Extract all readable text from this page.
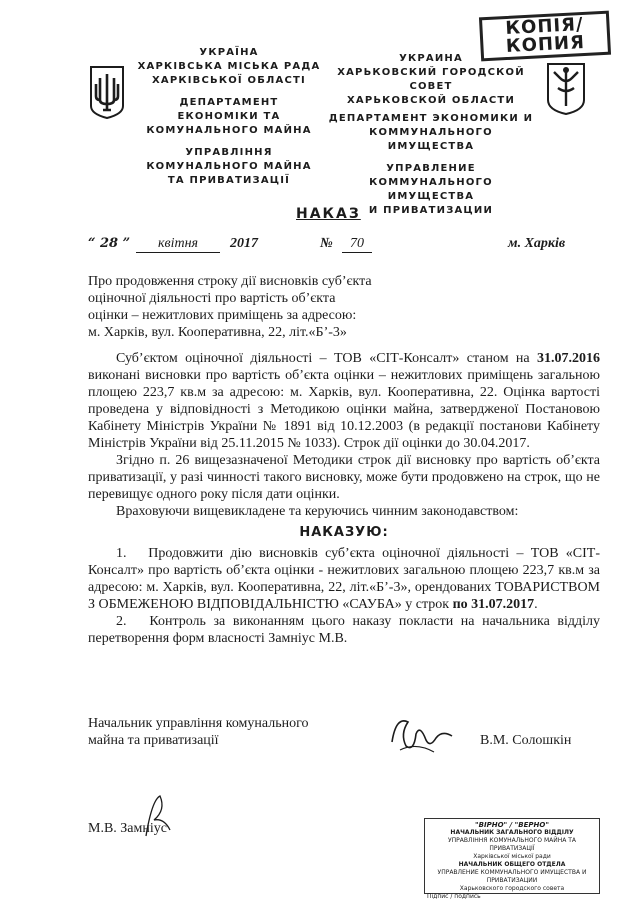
КОПІЯ/
КОПИЯ
УКРАЇНА
ХАРКІВСЬКА МІСЬКА РАДА
ХАРКІВСЬКОЇ ОБЛАСТІ
ДЕПАРТАМЕНТ
ЕКОНОМІКИ ТА
КОМУНАЛЬНОГО МАЙНА
УПРАВЛІННЯ
КОМУНАЛЬНОГО МАЙНА
ТА ПРИВАТИЗАЦІЇ
УКРАИНА
ХАРЬКОВСКИЙ ГОРОДСКОЙ
СОВЕТ
ХАРЬКОВСКОЙ ОБЛАСТИ
ДЕПАРТАМЕНТ ЭКОНОМИКИ И
КОММУНАЛЬНОГО ИМУЩЕСТВА
УПРАВЛЕНИЕ
КОММУНАЛЬНОГО ИМУЩЕСТВА
И ПРИВАТИЗАЦИИ
НАКАЗ
“ 28 ”	квітня	2017	№	70	м. Харків
Про продовження строку дії висновків суб’єкта
оціночної діяльності про вартість об’єкта
оцінки – нежитлових приміщень за адресою:
м. Харків, вул. Кооперативна, 22, літ.«Б’-3»

Суб’єктом оціночної діяльності – ТОВ «СІТ-Консалт» станом на 31.07.2016 виконані висновки про вартість об’єкта оцінки – нежитлових приміщень загальною площею 223,7 кв.м за адресою: м. Харків, вул. Кооперативна, 22. Оцінка вартості проведена у відповідності з Методикою оцінки майна, затвердженої Постановою Кабінету Міністрів України № 1891 від 10.12.2003 (в редакції постанови Кабінету Міністрів України від 25.11.2015 № 1033). Строк дії оцінки до 30.04.2017.

Згідно п. 26 вищезазначеної Методики строк дії висновку про вартість об’єкта приватизації, у разі чинності такого висновку, може бути продовжено на строк, що не перевищує одного року після дати оцінки.

Враховуючи вищевикладене та керуючись чинним законодавством:

НАКАЗУЮ:

1. Продовжити дію висновків суб’єкта оціночної діяльності – ТОВ «СІТ-Консалт» про вартість об’єкта оцінки - нежитлових загальною площею 223,7 кв.м за адресою: м. Харків, вул. Кооперативна, 22, літ.«Б’-3», орендованих ТОВАРИСТВОМ З ОБМЕЖЕНОЮ ВІДПОВІДАЛЬНІСТЮ «САУБА» у строк по 31.07.2017.

2. Контроль за виконанням цього наказу покласти на начальника відділу перетворення форм власності Замніус М.В.

Начальник управління комунального
майна та приватизації	В.М. Солошкін
М.В. Замніус	"ВІРНО" / "ВЕРНО"
НАЧАЛЬНИК ЗАГАЛЬНОГО ВІДДІЛУ
УПРАВЛІННЯ КОМУНАЛЬНОГО МАЙНА ТА ПРИВАТИЗАЦІЇ
Харківської міської ради
НАЧАЛЬНИК ОБЩЕГО ОТДЕЛА
УПРАВЛЕНИЕ КОММУНАЛЬНОГО ИМУЩЕСТВА И ПРИВАТИЗАЦИИ
Харьковского городского совета
Підпис / подпись
